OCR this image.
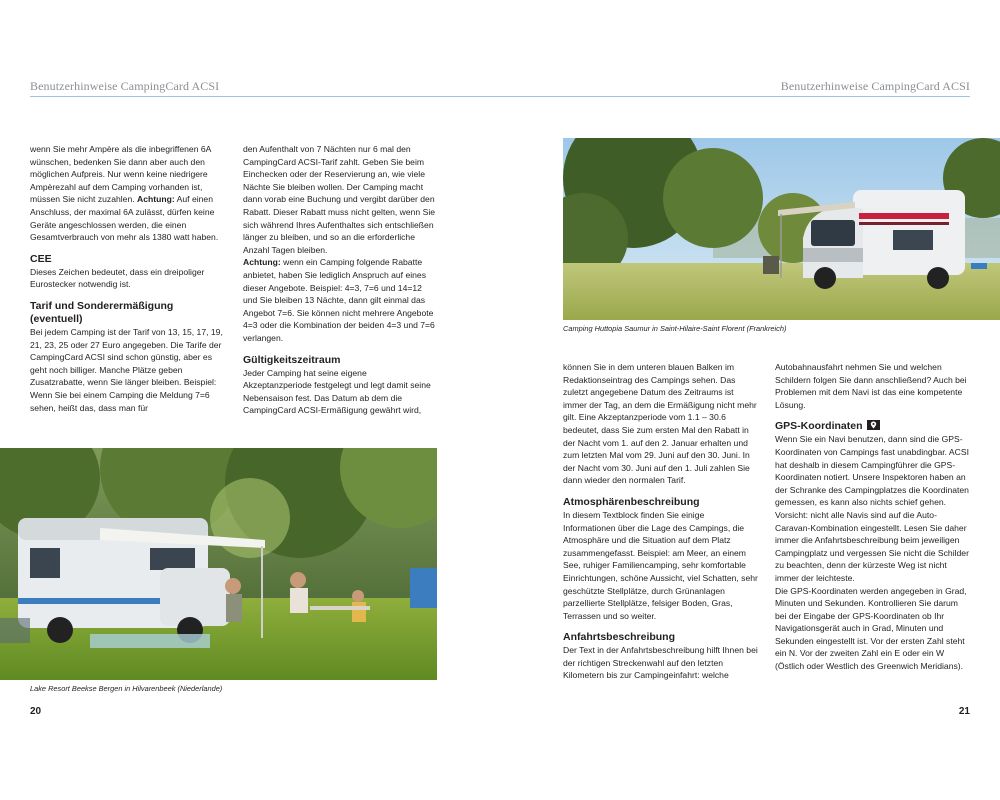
Benutzerhinweise CampingCard ACSI

wenn Sie mehr Ampère als die inbegriffenen 6A wünschen, bedenken Sie dann aber auch den möglichen Aufpreis. Nur wenn keine niedrigere Ampèrezahl auf dem Camping vorhanden ist, müssen Sie nicht zuzahlen. Achtung: Auf einen Anschluss, der maximal 6A zulässt, dürfen keine Geräte angeschlossen werden, die einen Gesamtverbrauch von mehr als 1380 watt haben.

CEE

Dieses Zeichen bedeutet, dass ein dreipoliger Eurostecker notwendig ist.

Tarif und Sonderermäßigung (eventuell)

Bei jedem Camping ist der Tarif von 13, 15, 17, 19, 21, 23, 25 oder 27 Euro angegeben. Die Tarife der CampingCard ACSI sind schon günstig, aber es geht noch billiger. Manche Plätze geben Zusatzrabatte, wenn Sie länger bleiben. Beispiel: Wenn Sie bei einem Camping die Meldung 7=6 sehen, heißt das, dass man für

den Aufenthalt von 7 Nächten nur 6 mal den CampingCard ACSI-Tarif zahlt. Geben Sie beim Einchecken oder der Reservierung an, wie viele Nächte Sie bleiben wollen. Der Camping macht dann vorab eine Buchung und vergibt darüber den Rabatt. Dieser Rabatt muss nicht gelten, wenn Sie sich während Ihres Aufenthaltes sich entschließen länger zu bleiben, und so an die erforderliche Anzahl Tagen bleiben.

Achtung: wenn ein Camping folgende Rabatte anbietet, haben Sie lediglich Anspruch auf eines dieser Angebote. Beispiel: 4=3, 7=6 und 14=12 und Sie bleiben 13 Nächte, dann gilt einmal das Angebot 7=6. Sie können nicht mehrere Angebote 4=3 oder die Kombination der beiden 4=3 und 7=6 verlangen.

Gültigkeitszeitraum

Jeder Camping hat seine eigene Akzeptanzperiode festgelegt und legt damit seine Nebensaison fest. Das Datum ab dem die CampingCard ACSI-Ermäßigung gewährt wird,

Lake Resort Beekse Bergen in Hilvarenbeek (Niederlande)
20
Benutzerhinweise CampingCard ACSI
Camping Huttopia Saumur in Saint-Hilaire-Saint Florent (Frankreich)

können Sie in dem unteren blauen Balken im Redaktionseintrag des Campings sehen. Das zuletzt angegebene Datum des Zeitraums ist immer der Tag, an dem die Ermäßigung nicht mehr gilt. Eine Akzeptanzperiode vom 1.1 – 30.6 bedeutet, dass Sie zum ersten Mal den Rabatt in der Nacht vom 1. auf den 2. Januar erhalten und zum letzten Mal vom 29. Juni auf den 30. Juni. In der Nacht vom 30. Juni auf den 1. Juli zahlen Sie dann wieder den normalen Tarif.

Atmosphärenbeschreibung

In diesem Textblock finden Sie einige Informationen über die Lage des Campings, die Atmosphäre und die Situation auf dem Platz zusammengefasst. Beispiel: am Meer, an einem See, ruhiger Familiencamping, sehr komfortable Einrichtungen, schöne Aussicht, viel Schatten, sehr geschützte Stellplätze, durch Grünanlagen parzellierte Stellplätze, felsiger Boden, Gras, Terrassen und so weiter.

Anfahrtsbeschreibung

Der Text in der Anfahrtsbeschreibung hilft Ihnen bei der richtigen Streckenwahl auf den letzten Kilometern bis zur Campingeinfahrt: welche

Autobahnausfahrt nehmen Sie und welchen Schildern folgen Sie dann anschließend? Auch bei Problemen mit dem Navi ist das eine kompetente Lösung.

GPS-Koordinaten

Wenn Sie ein Navi benutzen, dann sind die GPS-Koordinaten von Campings fast unabdingbar. ACSI hat deshalb in diesem Campingführer die GPS-Koordinaten notiert. Unsere Inspektoren haben an der Schranke des Campingplatzes die Koordinaten gemessen, es kann also nichts schief gehen. Vorsicht: nicht alle Navis sind auf die Auto-Caravan-Kombination eingestellt. Lesen Sie daher immer die Anfahrtsbeschreibung beim jeweiligen Campingplatz und vergessen Sie nicht die Schilder zu beachten, denn der kürzeste Weg ist nicht immer der leichteste.

Die GPS-Koordinaten werden angegeben in Grad, Minuten und Sekunden. Kontrollieren Sie darum bei der Eingabe der GPS-Koordinaten ob Ihr Navigationsgerät auch in Grad, Minuten und Sekunden eingestellt ist. Vor der ersten Zahl steht ein N. Vor der zweiten Zahl ein E oder ein W (Östlich oder Westlich des Greenwich Meridians).

21
